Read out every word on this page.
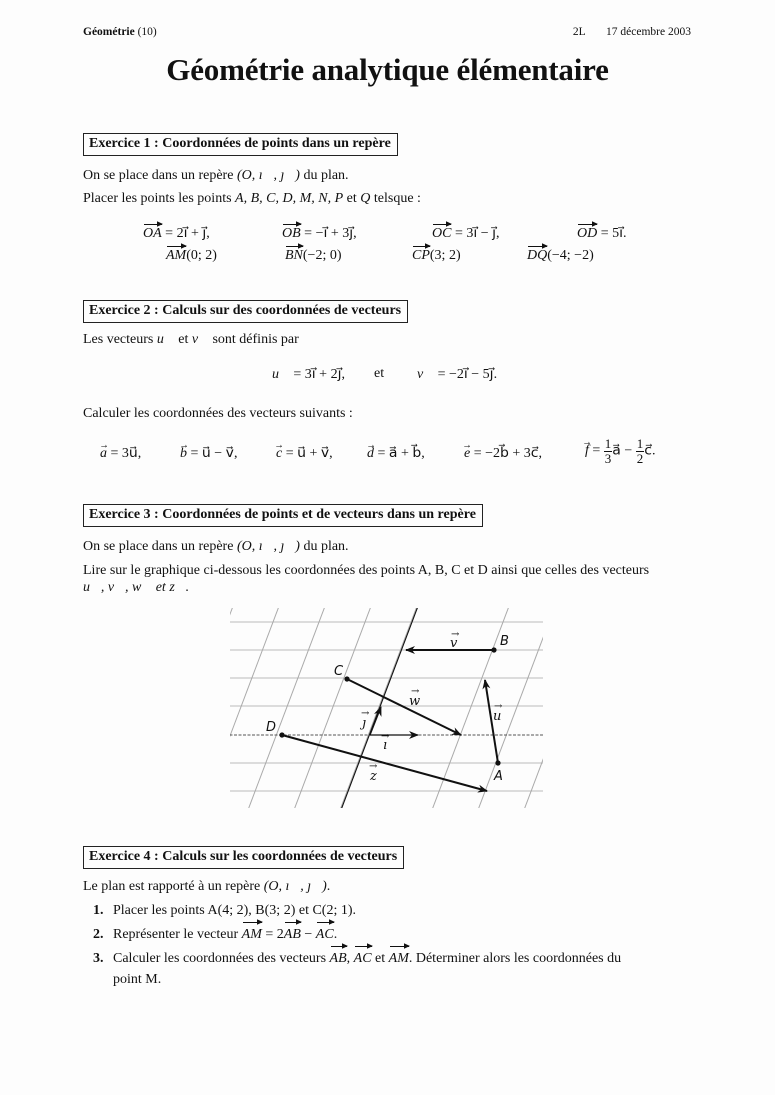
Géométrie (10)	2L 17 décembre 2003
Géométrie analytique élémentaire
Exercice 1 : Coordonnées de points dans un repère
On se place dans un repère (O, ı⃗, ȷ⃗) du plan.
Placer les points les points A, B, C, D, M, N, P et Q telsque :
OA = 2ı⃗ + ȷ⃗,	OB = −ı⃗ + 3ȷ⃗,	OC = 3ı⃗ − ȷ⃗,	OD = 5ı⃗.
AM(0; 2)	BN(−2; 0)	CP(3; 2)	DQ(−4; −2)
Exercice 2 : Calculs sur des coordonnées de vecteurs
Les vecteurs u⃗ et v⃗ sont définis par
u⃗ = 3ı⃗ + 2ȷ⃗, et v⃗ = −2ı⃗ − 5ȷ⃗.
Calculer les coordonnées des vecteurs suivants :
→ a = 3u⃗,	→ b = u⃗ − v⃗,	→ c = u⃗ + v⃗, → d = a⃗ + b⃗,	→ e = −2b⃗ + 3c⃗,	→ $f = \frac{1}{3}$ a⃗ − $\frac{1}{2}$ c⃗.
Exercice 3 : Coordonnées de points et de vecteurs dans un repère
On se place dans un repère (O, ı⃗, ȷ⃗) du plan.
Lire sur le graphique ci-dessous les coordonnées des points A, B, C et D ainsi que celles des vecteurs
u⃗, v⃗, w⃗ et z⃗.
A
B
C
D
v
→
w
→
u
→
z
→
ı
→
ȷ
→
Exercice 4 : Calculs sur les coordonnées de vecteurs
Le plan est rapporté à un repère (O, ı⃗, ȷ⃗).
1. Placer les points A(4; 2), B(3; 2) et C(2; 1).
2. Représenter le vecteur AM = 2AB − AC.
3. Calculer les coordonnées des vecteurs AB, AC et AM. Déterminer alors les coordonnées du
point M.
